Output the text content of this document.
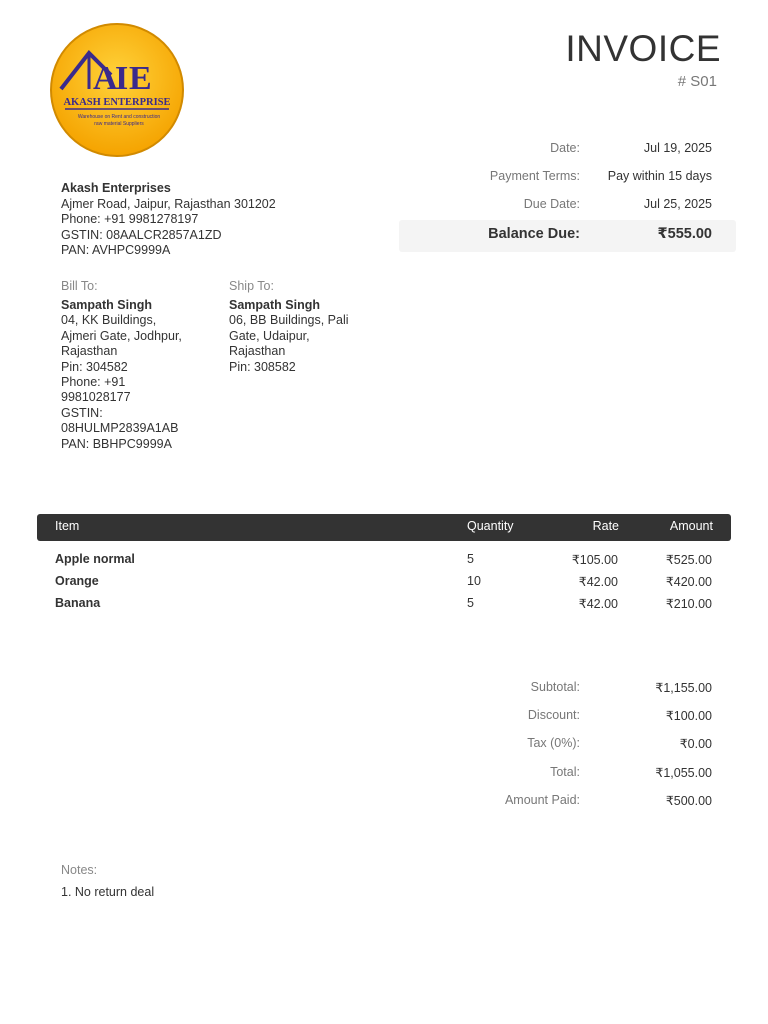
A
I E
AKASH ENTERPRISE
Warehouse on Rent and construction
raw material Suppliers
INVOICE
# S01
Date:	Jul 19, 2025
Payment Terms:	Pay within 15 days
Due Date:	Jul 25, 2025
Balance Due:	₹555.00
Akash Enterprises
Ajmer Road, Jaipur, Rajasthan 301202
Phone: +91 9981278197
GSTIN: 08AALCR2857A1ZD
PAN: AVHPC9999A
Bill To:
Sampath Singh
04, KK Buildings,
Ajmeri Gate, Jodhpur,
Rajasthan
Pin: 304582
Phone: +91
9981028177
GSTIN:
08HULMP2839A1AB
PAN: BBHPC9999A
Ship To:
Sampath Singh
06, BB Buildings, Pali
Gate, Udaipur,
Rajasthan
Pin: 308582
Item	Quantity	Rate	Amount
Apple normal	5	₹105.00	₹525.00
Orange	10	₹42.00	₹420.00
Banana	5	₹42.00	₹210.00
Subtotal:	₹1,155.00
Discount:	₹100.00
Tax (0%):	₹0.00
Total:	₹1,055.00
Amount Paid:	₹500.00
Notes:
1. No return deal
